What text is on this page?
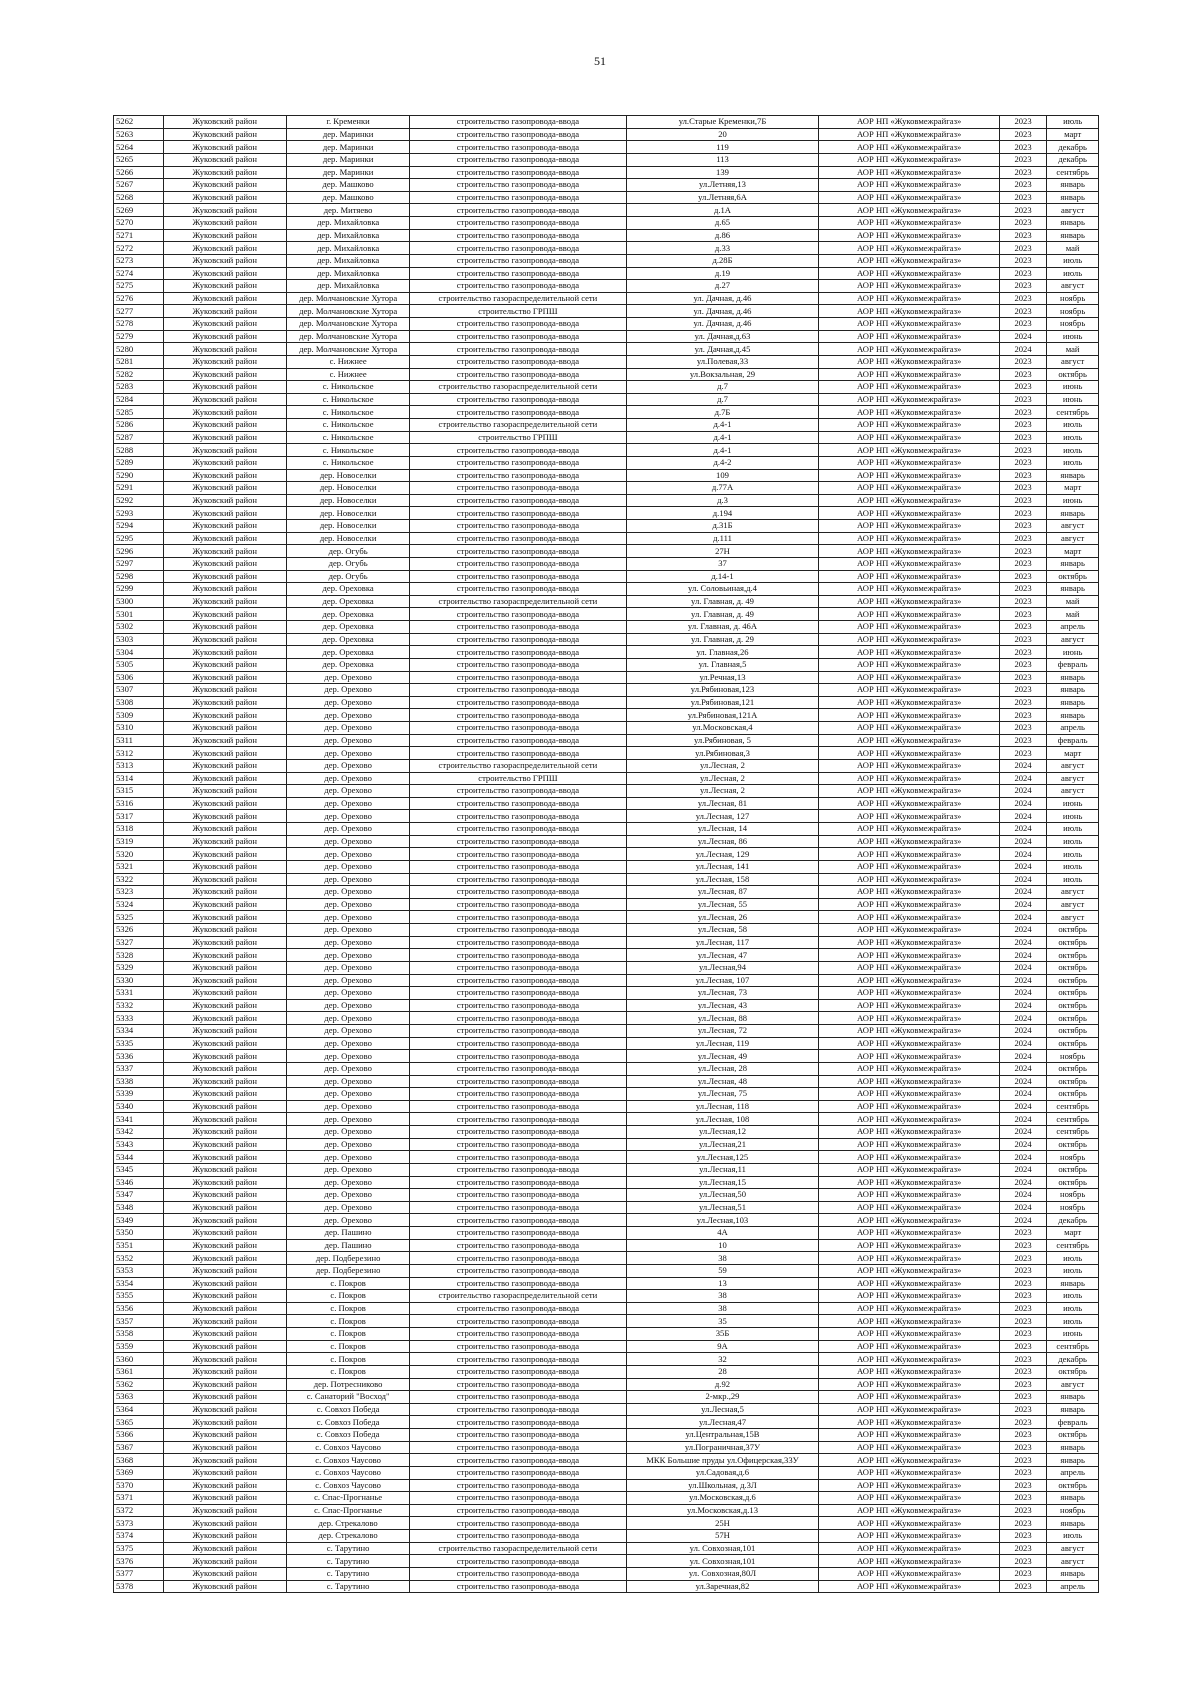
51
5262	Жуковский район	г. Кременки	строительство газопровода-ввода	ул.Старые Кременки,7Б	АОР НП «Жуковмежрайгаз»	2023	июль
5263	Жуковский район	дер. Маринки	строительство газопровода-ввода	20	АОР НП «Жуковмежрайгаз»	2023	март
5264	Жуковский район	дер. Маринки	строительство газопровода-ввода	119	АОР НП «Жуковмежрайгаз»	2023	декабрь
5265	Жуковский район	дер. Маринки	строительство газопровода-ввода	113	АОР НП «Жуковмежрайгаз»	2023	декабрь
5266	Жуковский район	дер. Маринки	строительство газопровода-ввода	139	АОР НП «Жуковмежрайгаз»	2023	сентябрь
5267	Жуковский район	дер. Машково	строительство газопровода-ввода	ул.Летняя,13	АОР НП «Жуковмежрайгаз»	2023	январь
5268	Жуковский район	дер. Машково	строительство газопровода-ввода	ул.Летняя,6А	АОР НП «Жуковмежрайгаз»	2023	январь
5269	Жуковский район	дер. Митяево	строительство газопровода-ввода	д.1А	АОР НП «Жуковмежрайгаз»	2023	август
5270	Жуковский район	дер. Михайловка	строительство газопровода-ввода	д.65	АОР НП «Жуковмежрайгаз»	2023	январь
5271	Жуковский район	дер. Михайловка	строительство газопровода-ввода	д.86	АОР НП «Жуковмежрайгаз»	2023	январь
5272	Жуковский район	дер. Михайловка	строительство газопровода-ввода	д.33	АОР НП «Жуковмежрайгаз»	2023	май
5273	Жуковский район	дер. Михайловка	строительство газопровода-ввода	д.28Б	АОР НП «Жуковмежрайгаз»	2023	июль
5274	Жуковский район	дер. Михайловка	строительство газопровода-ввода	д.19	АОР НП «Жуковмежрайгаз»	2023	июль
5275	Жуковский район	дер. Михайловка	строительство газопровода-ввода	д.27	АОР НП «Жуковмежрайгаз»	2023	август
5276	Жуковский район	дер. Молчановские Хутора	строительство газораспределительной сети	ул. Дачная, д.46	АОР НП «Жуковмежрайгаз»	2023	ноябрь
5277	Жуковский район	дер. Молчановские Хутора	строительство ГРПШ	ул. Дачная, д.46	АОР НП «Жуковмежрайгаз»	2023	ноябрь
5278	Жуковский район	дер. Молчановские Хутора	строительство газопровода-ввода	ул. Дачная, д.46	АОР НП «Жуковмежрайгаз»	2023	ноябрь
5279	Жуковский район	дер. Молчановские Хутора	строительство газопровода-ввода	ул. Дачная,д.63	АОР НП «Жуковмежрайгаз»	2024	июнь
5280	Жуковский район	дер. Молчановские Хутора	строительство газопровода-ввода	ул. Дачная,д.45	АОР НП «Жуковмежрайгаз»	2024	май
5281	Жуковский район	с. Нижнее	строительство газопровода-ввода	ул.Полевая,33	АОР НП «Жуковмежрайгаз»	2023	август
5282	Жуковский район	с. Нижнее	строительство газопровода-ввода	ул.Вокзальная, 29	АОР НП «Жуковмежрайгаз»	2023	октябрь
5283	Жуковский район	с. Никольское	строительство газораспределительной сети	д.7	АОР НП «Жуковмежрайгаз»	2023	июнь
5284	Жуковский район	с. Никольское	строительство газопровода-ввода	д.7	АОР НП «Жуковмежрайгаз»	2023	июнь
5285	Жуковский район	с. Никольское	строительство газопровода-ввода	д.7Б	АОР НП «Жуковмежрайгаз»	2023	сентябрь
5286	Жуковский район	с. Никольское	строительство газораспределительной сети	д.4-1	АОР НП «Жуковмежрайгаз»	2023	июль
5287	Жуковский район	с. Никольское	строительство ГРПШ	д.4-1	АОР НП «Жуковмежрайгаз»	2023	июль
5288	Жуковский район	с. Никольское	строительство газопровода-ввода	д.4-1	АОР НП «Жуковмежрайгаз»	2023	июль
5289	Жуковский район	с. Никольское	строительство газопровода-ввода	д.4-2	АОР НП «Жуковмежрайгаз»	2023	июль
5290	Жуковский район	дер. Новоселки	строительство газопровода-ввода	109	АОР НП «Жуковмежрайгаз»	2023	январь
5291	Жуковский район	дер. Новоселки	строительство газопровода-ввода	д.77А	АОР НП «Жуковмежрайгаз»	2023	март
5292	Жуковский район	дер. Новоселки	строительство газопровода-ввода	д.3	АОР НП «Жуковмежрайгаз»	2023	июнь
5293	Жуковский район	дер. Новоселки	строительство газопровода-ввода	д.194	АОР НП «Жуковмежрайгаз»	2023	январь
5294	Жуковский район	дер. Новоселки	строительство газопровода-ввода	д.31Б	АОР НП «Жуковмежрайгаз»	2023	август
5295	Жуковский район	дер. Новоселки	строительство газопровода-ввода	д.111	АОР НП «Жуковмежрайгаз»	2023	август
5296	Жуковский район	дер. Огубь	строительство газопровода-ввода	27Н	АОР НП «Жуковмежрайгаз»	2023	март
5297	Жуковский район	дер. Огубь	строительство газопровода-ввода	37	АОР НП «Жуковмежрайгаз»	2023	январь
5298	Жуковский район	дер. Огубь	строительство газопровода-ввода	д.14-1	АОР НП «Жуковмежрайгаз»	2023	октябрь
5299	Жуковский район	дер. Ореховка	строительство газопровода-ввода	ул. Соловьиная,д.4	АОР НП «Жуковмежрайгаз»	2023	январь
5300	Жуковский район	дер. Ореховка	строительство газораспределительной сети	ул. Главная, д. 49	АОР НП «Жуковмежрайгаз»	2023	май
5301	Жуковский район	дер. Ореховка	строительство газопровода-ввода	ул. Главная, д. 49	АОР НП «Жуковмежрайгаз»	2023	май
5302	Жуковский район	дер. Ореховка	строительство газопровода-ввода	ул. Главная, д. 46А	АОР НП «Жуковмежрайгаз»	2023	апрель
5303	Жуковский район	дер. Ореховка	строительство газопровода-ввода	ул. Главная, д. 29	АОР НП «Жуковмежрайгаз»	2023	август
5304	Жуковский район	дер. Ореховка	строительство газопровода-ввода	ул. Главная,26	АОР НП «Жуковмежрайгаз»	2023	июнь
5305	Жуковский район	дер. Ореховка	строительство газопровода-ввода	ул. Главная,5	АОР НП «Жуковмежрайгаз»	2023	февраль
5306	Жуковский район	дер. Орехово	строительство газопровода-ввода	ул.Речная,13	АОР НП «Жуковмежрайгаз»	2023	январь
5307	Жуковский район	дер. Орехово	строительство газопровода-ввода	ул.Рябиновая,123	АОР НП «Жуковмежрайгаз»	2023	январь
5308	Жуковский район	дер. Орехово	строительство газопровода-ввода	ул.Рябиновая,121	АОР НП «Жуковмежрайгаз»	2023	январь
5309	Жуковский район	дер. Орехово	строительство газопровода-ввода	ул.Рябиновая,121А	АОР НП «Жуковмежрайгаз»	2023	январь
5310	Жуковский район	дер. Орехово	строительство газопровода-ввода	ул.Московская,4	АОР НП «Жуковмежрайгаз»	2023	апрель
5311	Жуковский район	дер. Орехово	строительство газопровода-ввода	ул.Рябиновая, 5	АОР НП «Жуковмежрайгаз»	2023	февраль
5312	Жуковский район	дер. Орехово	строительство газопровода-ввода	ул.Рябиновая,3	АОР НП «Жуковмежрайгаз»	2023	март
5313	Жуковский район	дер. Орехово	строительство газораспределительной сети	ул.Лесная, 2	АОР НП «Жуковмежрайгаз»	2024	август
5314	Жуковский район	дер. Орехово	строительство ГРПШ	ул.Лесная, 2	АОР НП «Жуковмежрайгаз»	2024	август
5315	Жуковский район	дер. Орехово	строительство газопровода-ввода	ул.Лесная, 2	АОР НП «Жуковмежрайгаз»	2024	август
5316	Жуковский район	дер. Орехово	строительство газопровода-ввода	ул.Лесная, 81	АОР НП «Жуковмежрайгаз»	2024	июнь
5317	Жуковский район	дер. Орехово	строительство газопровода-ввода	ул.Лесная, 127	АОР НП «Жуковмежрайгаз»	2024	июнь
5318	Жуковский район	дер. Орехово	строительство газопровода-ввода	ул.Лесная, 14	АОР НП «Жуковмежрайгаз»	2024	июль
5319	Жуковский район	дер. Орехово	строительство газопровода-ввода	ул.Лесная, 86	АОР НП «Жуковмежрайгаз»	2024	июль
5320	Жуковский район	дер. Орехово	строительство газопровода-ввода	ул.Лесная, 129	АОР НП «Жуковмежрайгаз»	2024	июль
5321	Жуковский район	дер. Орехово	строительство газопровода-ввода	ул.Лесная, 141	АОР НП «Жуковмежрайгаз»	2024	июль
5322	Жуковский район	дер. Орехово	строительство газопровода-ввода	ул.Лесная, 158	АОР НП «Жуковмежрайгаз»	2024	июль
5323	Жуковский район	дер. Орехово	строительство газопровода-ввода	ул.Лесная, 87	АОР НП «Жуковмежрайгаз»	2024	август
5324	Жуковский район	дер. Орехово	строительство газопровода-ввода	ул.Лесная, 55	АОР НП «Жуковмежрайгаз»	2024	август
5325	Жуковский район	дер. Орехово	строительство газопровода-ввода	ул.Лесная, 26	АОР НП «Жуковмежрайгаз»	2024	август
5326	Жуковский район	дер. Орехово	строительство газопровода-ввода	ул.Лесная, 58	АОР НП «Жуковмежрайгаз»	2024	октябрь
5327	Жуковский район	дер. Орехово	строительство газопровода-ввода	ул.Лесная, 117	АОР НП «Жуковмежрайгаз»	2024	октябрь
5328	Жуковский район	дер. Орехово	строительство газопровода-ввода	ул.Лесная, 47	АОР НП «Жуковмежрайгаз»	2024	октябрь
5329	Жуковский район	дер. Орехово	строительство газопровода-ввода	ул.Лесная,94	АОР НП «Жуковмежрайгаз»	2024	октябрь
5330	Жуковский район	дер. Орехово	строительство газопровода-ввода	ул.Лесная, 107	АОР НП «Жуковмежрайгаз»	2024	октябрь
5331	Жуковский район	дер. Орехово	строительство газопровода-ввода	ул.Лесная, 73	АОР НП «Жуковмежрайгаз»	2024	октябрь
5332	Жуковский район	дер. Орехово	строительство газопровода-ввода	ул.Лесная, 43	АОР НП «Жуковмежрайгаз»	2024	октябрь
5333	Жуковский район	дер. Орехово	строительство газопровода-ввода	ул.Лесная, 88	АОР НП «Жуковмежрайгаз»	2024	октябрь
5334	Жуковский район	дер. Орехово	строительство газопровода-ввода	ул.Лесная, 72	АОР НП «Жуковмежрайгаз»	2024	октябрь
5335	Жуковский район	дер. Орехово	строительство газопровода-ввода	ул.Лесная, 119	АОР НП «Жуковмежрайгаз»	2024	октябрь
5336	Жуковский район	дер. Орехово	строительство газопровода-ввода	ул.Лесная, 49	АОР НП «Жуковмежрайгаз»	2024	ноябрь
5337	Жуковский район	дер. Орехово	строительство газопровода-ввода	ул.Лесная, 28	АОР НП «Жуковмежрайгаз»	2024	октябрь
5338	Жуковский район	дер. Орехово	строительство газопровода-ввода	ул.Лесная, 48	АОР НП «Жуковмежрайгаз»	2024	октябрь
5339	Жуковский район	дер. Орехово	строительство газопровода-ввода	ул.Лесная, 75	АОР НП «Жуковмежрайгаз»	2024	октябрь
5340	Жуковский район	дер. Орехово	строительство газопровода-ввода	ул.Лесная, 118	АОР НП «Жуковмежрайгаз»	2024	сентябрь
5341	Жуковский район	дер. Орехово	строительство газопровода-ввода	ул.Лесная, 108	АОР НП «Жуковмежрайгаз»	2024	сентябрь
5342	Жуковский район	дер. Орехово	строительство газопровода-ввода	ул.Лесная,12	АОР НП «Жуковмежрайгаз»	2024	сентябрь
5343	Жуковский район	дер. Орехово	строительство газопровода-ввода	ул.Лесная,21	АОР НП «Жуковмежрайгаз»	2024	октябрь
5344	Жуковский район	дер. Орехово	строительство газопровода-ввода	ул.Лесная,125	АОР НП «Жуковмежрайгаз»	2024	ноябрь
5345	Жуковский район	дер. Орехово	строительство газопровода-ввода	ул.Лесная,11	АОР НП «Жуковмежрайгаз»	2024	октябрь
5346	Жуковский район	дер. Орехово	строительство газопровода-ввода	ул.Лесная,15	АОР НП «Жуковмежрайгаз»	2024	октябрь
5347	Жуковский район	дер. Орехово	строительство газопровода-ввода	ул.Лесная,50	АОР НП «Жуковмежрайгаз»	2024	ноябрь
5348	Жуковский район	дер. Орехово	строительство газопровода-ввода	ул.Лесная,51	АОР НП «Жуковмежрайгаз»	2024	ноябрь
5349	Жуковский район	дер. Орехово	строительство газопровода-ввода	ул.Лесная,103	АОР НП «Жуковмежрайгаз»	2024	декабрь
5350	Жуковский район	дер. Пашино	строительство газопровода-ввода	4А	АОР НП «Жуковмежрайгаз»	2023	март
5351	Жуковский район	дер. Пашино	строительство газопровода-ввода	10	АОР НП «Жуковмежрайгаз»	2023	сентябрь
5352	Жуковский район	дер. Подберезино	строительство газопровода-ввода	38	АОР НП «Жуковмежрайгаз»	2023	июль
5353	Жуковский район	дер. Подберезино	строительство газопровода-ввода	59	АОР НП «Жуковмежрайгаз»	2023	июль
5354	Жуковский район	с. Покров	строительство газопровода-ввода	13	АОР НП «Жуковмежрайгаз»	2023	январь
5355	Жуковский район	с. Покров	строительство газораспределительной сети	38	АОР НП «Жуковмежрайгаз»	2023	июль
5356	Жуковский район	с. Покров	строительство газопровода-ввода	38	АОР НП «Жуковмежрайгаз»	2023	июль
5357	Жуковский район	с. Покров	строительство газопровода-ввода	35	АОР НП «Жуковмежрайгаз»	2023	июль
5358	Жуковский район	с. Покров	строительство газопровода-ввода	35Б	АОР НП «Жуковмежрайгаз»	2023	июнь
5359	Жуковский район	с. Покров	строительство газопровода-ввода	9А	АОР НП «Жуковмежрайгаз»	2023	сентябрь
5360	Жуковский район	с. Покров	строительство газопровода-ввода	32	АОР НП «Жуковмежрайгаз»	2023	декабрь
5361	Жуковский район	с. Покров	строительство газопровода-ввода	28	АОР НП «Жуковмежрайгаз»	2023	октябрь
5362	Жуковский район	дер. Потресниково	строительство газопровода-ввода	д.92	АОР НП «Жуковмежрайгаз»	2023	август
5363	Жуковский район	с. Санаторий "Восход"	строительство газопровода-ввода	2-мкр.,29	АОР НП «Жуковмежрайгаз»	2023	январь
5364	Жуковский район	с. Совхоз Победа	строительство газопровода-ввода	ул.Лесная,5	АОР НП «Жуковмежрайгаз»	2023	январь
5365	Жуковский район	с. Совхоз Победа	строительство газопровода-ввода	ул.Лесная,47	АОР НП «Жуковмежрайгаз»	2023	февраль
5366	Жуковский район	с. Совхоз Победа	строительство газопровода-ввода	ул.Центральная,15В	АОР НП «Жуковмежрайгаз»	2023	октябрь
5367	Жуковский район	с. Совхоз Чаусово	строительство газопровода-ввода	ул.Пограничная,37У	АОР НП «Жуковмежрайгаз»	2023	январь
5368	Жуковский район	с. Совхоз Чаусово	строительство газопровода-ввода	МКК Большие пруды ул.Офицерская,33У	АОР НП «Жуковмежрайгаз»	2023	январь
5369	Жуковский район	с. Совхоз Чаусово	строительство газопровода-ввода	ул.Садовая,д.6	АОР НП «Жуковмежрайгаз»	2023	апрель
5370	Жуковский район	с. Совхоз Чаусово	строительство газопровода-ввода	ул.Школьная, д.3Л	АОР НП «Жуковмежрайгаз»	2023	октябрь
5371	Жуковский район	с. Спас-Прогнанье	строительство газопровода-ввода	ул.Московская,д.6	АОР НП «Жуковмежрайгаз»	2023	январь
5372	Жуковский район	с. Спас-Прогнанье	строительство газопровода-ввода	ул.Московская,д.13	АОР НП «Жуковмежрайгаз»	2023	ноябрь
5373	Жуковский район	дер. Стрекалово	строительство газопровода-ввода	25Н	АОР НП «Жуковмежрайгаз»	2023	январь
5374	Жуковский район	дер. Стрекалово	строительство газопровода-ввода	57Н	АОР НП «Жуковмежрайгаз»	2023	июль
5375	Жуковский район	с. Тарутино	строительство газораспределительной сети	ул. Совхозная,101	АОР НП «Жуковмежрайгаз»	2023	август
5376	Жуковский район	с. Тарутино	строительство газопровода-ввода	ул. Совхозная,101	АОР НП «Жуковмежрайгаз»	2023	август
5377	Жуковский район	с. Тарутино	строительство газопровода-ввода	ул. Совхозная,80Л	АОР НП «Жуковмежрайгаз»	2023	январь
5378	Жуковский район	с. Тарутино	строительство газопровода-ввода	ул.Заречная,82	АОР НП «Жуковмежрайгаз»	2023	апрель
